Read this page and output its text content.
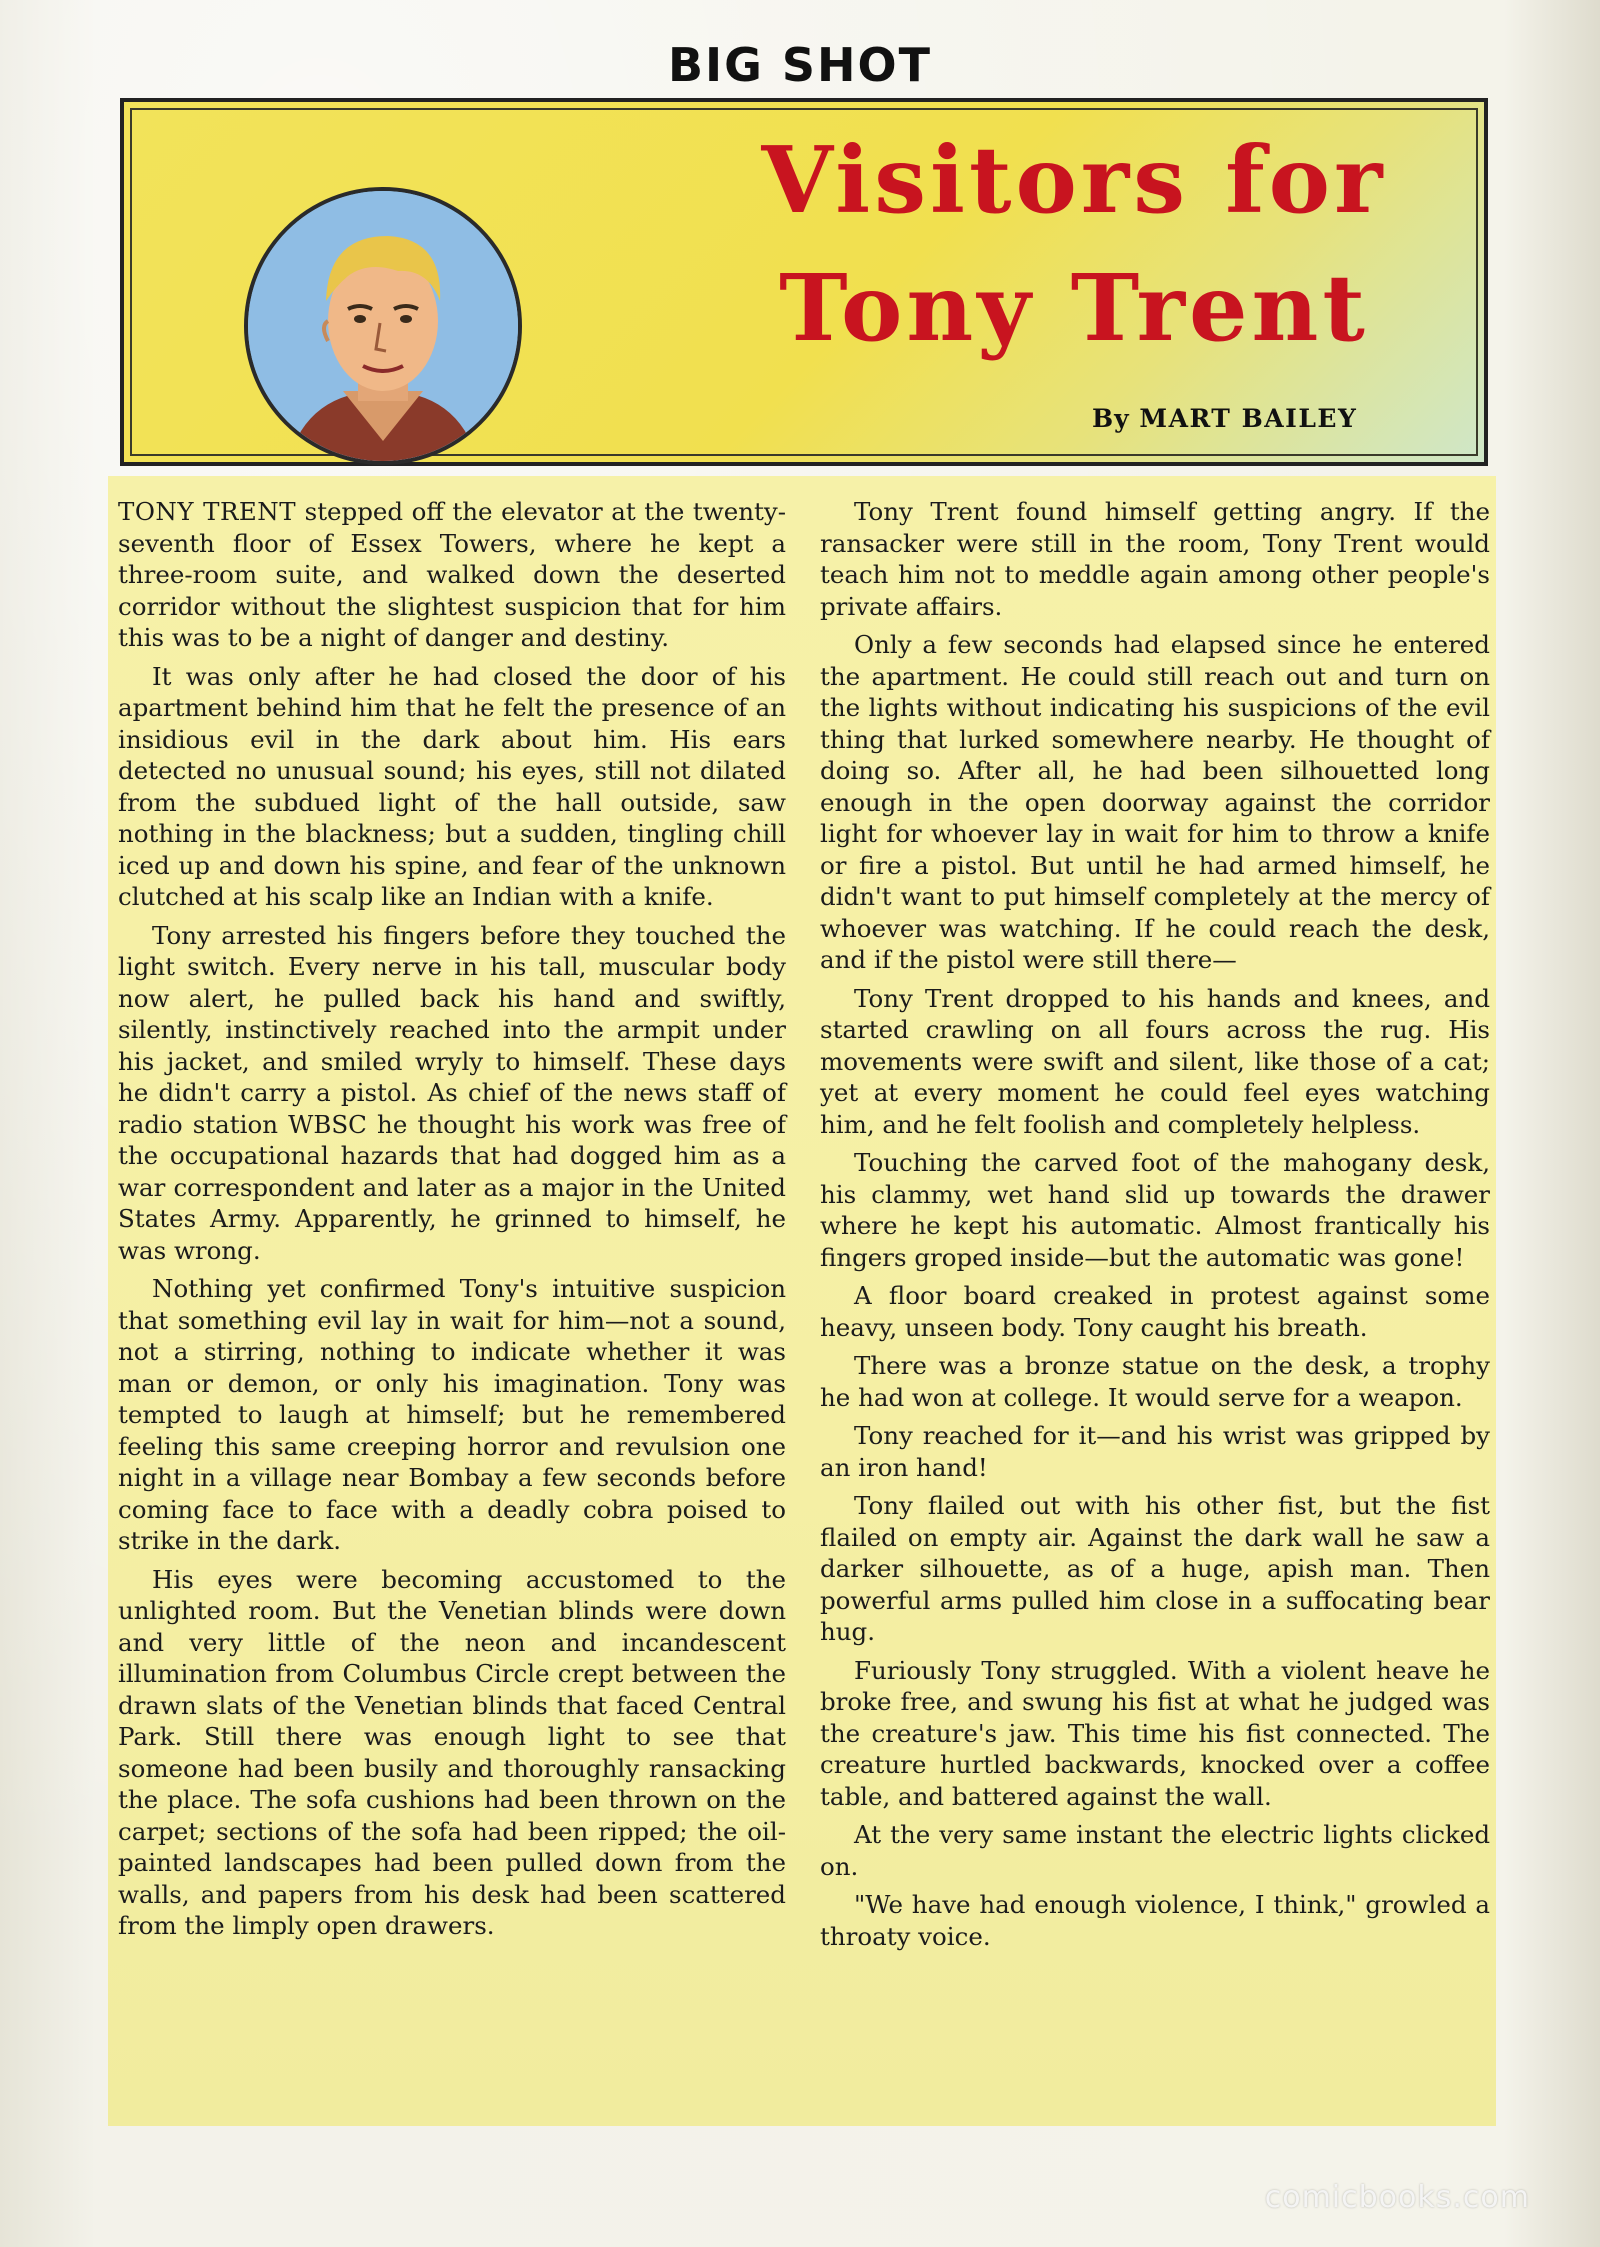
BIG SHOT
Visitors for
Tony Trent
By MART BAILEY

TONY TRENT stepped off the elevator at the twenty-seventh floor of Essex Towers, where he kept a three-room suite, and walked down the deserted corridor without the slightest suspicion that for him this was to be a night of danger and destiny.

It was only after he had closed the door of his apartment behind him that he felt the presence of an insidious evil in the dark about him. His ears detected no unusual sound; his eyes, still not dilated from the subdued light of the hall outside, saw nothing in the blackness; but a sudden, tingling chill iced up and down his spine, and fear of the unknown clutched at his scalp like an Indian with a knife.

Tony arrested his fingers before they touched the light switch. Every nerve in his tall, muscular body now alert, he pulled back his hand and swiftly, silently, instinctively reached into the armpit under his jacket, and smiled wryly to himself. These days he didn't carry a pistol. As chief of the news staff of radio station WBSC he thought his work was free of the occupational hazards that had dogged him as a war correspondent and later as a major in the United States Army. Apparently, he grinned to himself, he was wrong.

Nothing yet confirmed Tony's intuitive suspicion that something evil lay in wait for him—not a sound, not a stirring, nothing to indicate whether it was man or demon, or only his imagination. Tony was tempted to laugh at himself; but he remembered feeling this same creeping horror and revulsion one night in a village near Bombay a few seconds before coming face to face with a deadly cobra poised to strike in the dark.

His eyes were becoming accustomed to the unlighted room. But the Venetian blinds were down and very little of the neon and incandescent illumination from Columbus Circle crept between the drawn slats of the Venetian blinds that faced Central Park. Still there was enough light to see that someone had been busily and thoroughly ransacking the place. The sofa cushions had been thrown on the carpet; sections of the sofa had been ripped; the oil-painted landscapes had been pulled down from the walls, and papers from his desk had been scattered from the limply open drawers.

Tony Trent found himself getting angry. If the ransacker were still in the room, Tony Trent would teach him not to meddle again among other people's private affairs.

Only a few seconds had elapsed since he entered the apartment. He could still reach out and turn on the lights without indicating his suspicions of the evil thing that lurked somewhere nearby. He thought of doing so. After all, he had been silhouetted long enough in the open doorway against the corridor light for whoever lay in wait for him to throw a knife or fire a pistol. But until he had armed himself, he didn't want to put himself completely at the mercy of whoever was watching. If he could reach the desk, and if the pistol were still there—

Tony Trent dropped to his hands and knees, and started crawling on all fours across the rug. His movements were swift and silent, like those of a cat; yet at every moment he could feel eyes watching him, and he felt foolish and completely helpless.

Touching the carved foot of the mahogany desk, his clammy, wet hand slid up towards the drawer where he kept his automatic. Almost frantically his fingers groped inside—but the automatic was gone!

A floor board creaked in protest against some heavy, unseen body. Tony caught his breath.

There was a bronze statue on the desk, a trophy he had won at college. It would serve for a weapon.

Tony reached for it—and his wrist was gripped by an iron hand!

Tony flailed out with his other fist, but the fist flailed on empty air. Against the dark wall he saw a darker silhouette, as of a huge, apish man. Then powerful arms pulled him close in a suffocating bear hug.

Furiously Tony struggled. With a violent heave he broke free, and swung his fist at what he judged was the creature's jaw. This time his fist connected. The creature hurtled backwards, knocked over a coffee table, and battered against the wall.

At the very same instant the electric lights clicked on.

"We have had enough violence, I think," growled a throaty voice.

comicbooks.com
